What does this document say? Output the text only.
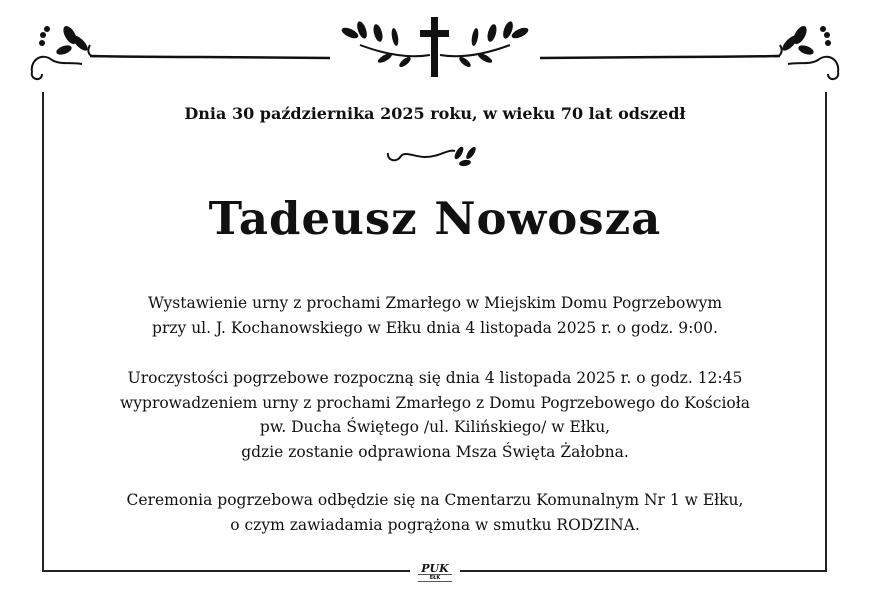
Dnia 30 października 2025 roku, w wieku 70 lat odszedł
Tadeusz Nowosza
Wystawienie urny z prochami Zmarłego w Miejskim Domu Pogrzebowym
przy ul. J. Kochanowskiego w Ełku dnia 4 listopada 2025 r. o godz. 9:00.
Uroczystości pogrzebowe rozpoczną się dnia 4 listopada 2025 r. o godz. 12:45
wyprowadzeniem urny z prochami Zmarłego z Domu Pogrzebowego do Kościoła
pw. Ducha Świętego /ul. Kilińskiego/ w Ełku,
gdzie zostanie odprawiona Msza Święta Żałobna.
Ceremonia pogrzebowa odbędzie się na Cmentarzu Komunalnym Nr 1 w Ełku,
o czym zawiadamia pogrążona w smutku RODZINA.
PUK
EŁK
